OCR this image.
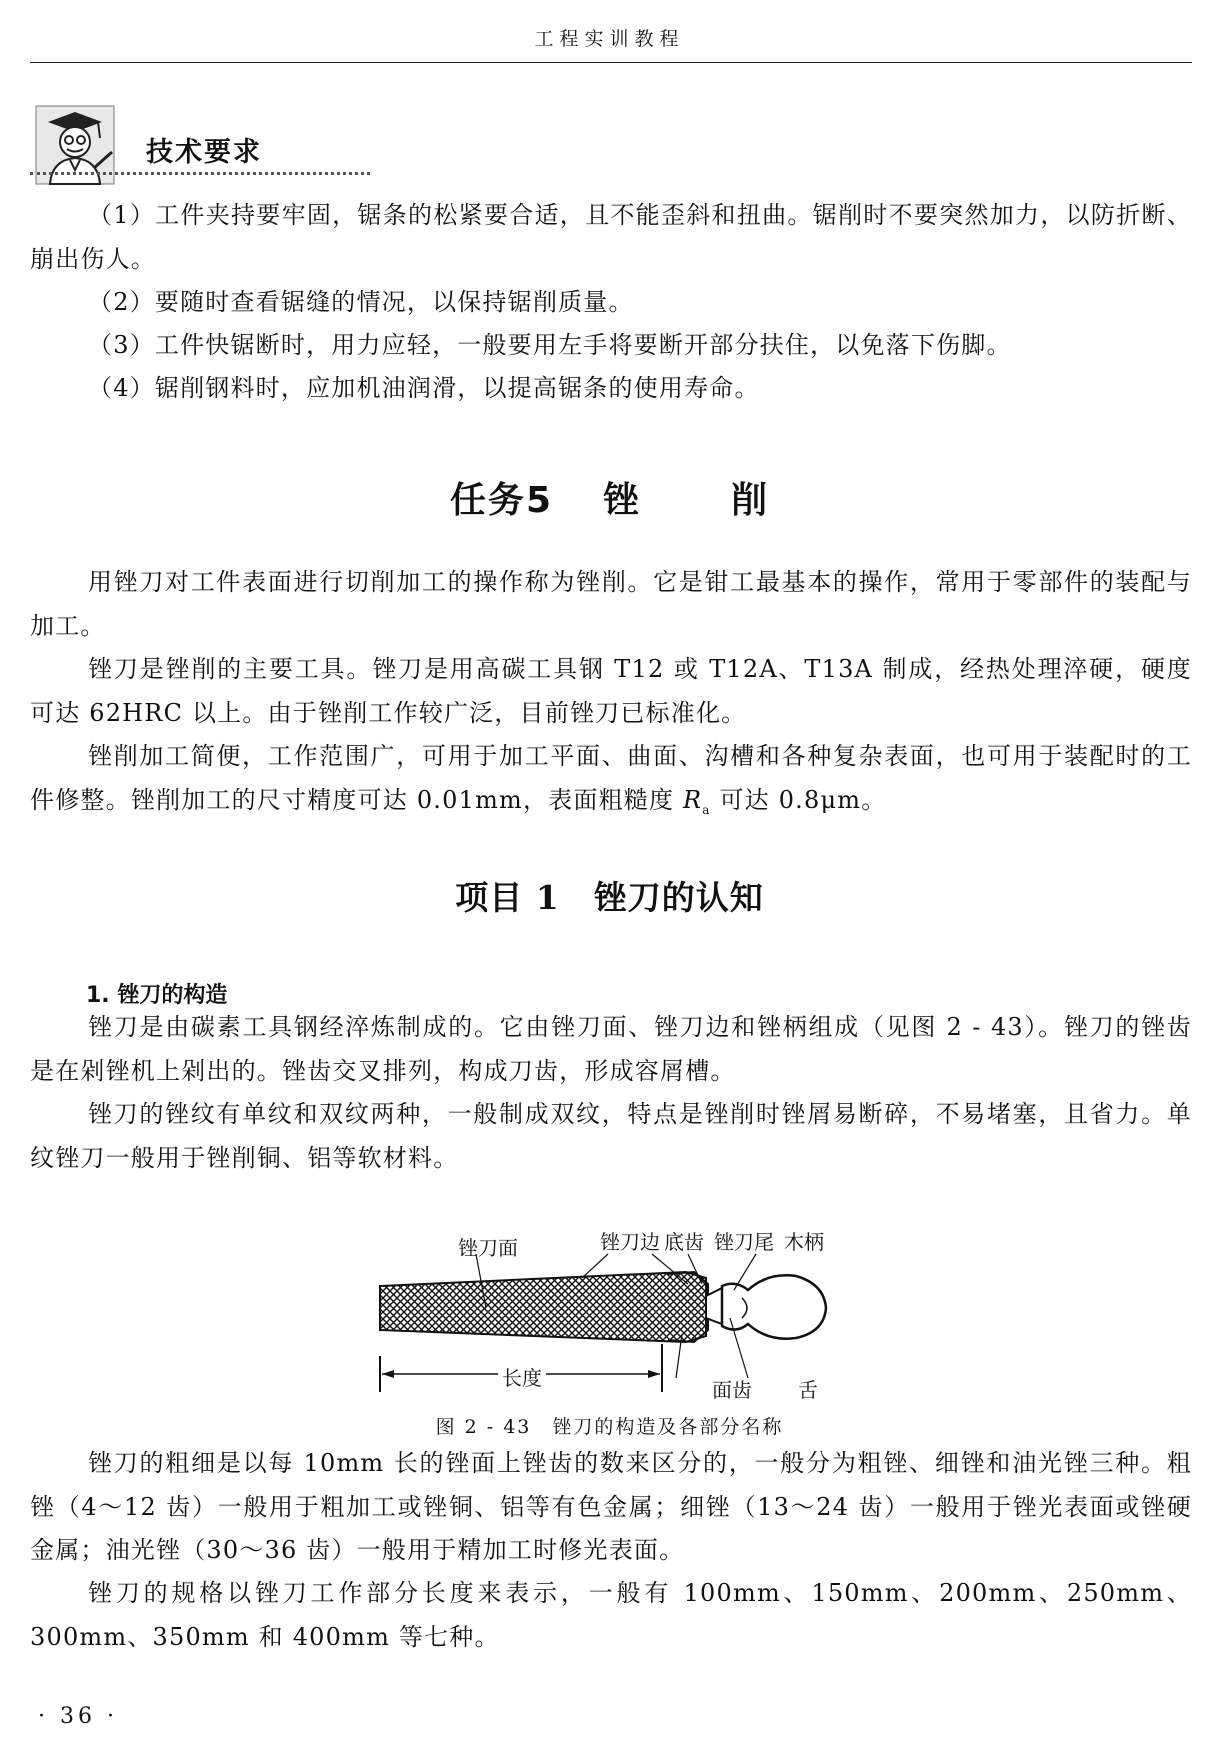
工程实训教程
技术要求

（1）工件夹持要牢固，锯条的松紧要合适，且不能歪斜和扭曲。锯削时不要突然加力，以防折断、崩出伤人。

（2）要随时查看锯缝的情况，以保持锯削质量。

（3）工件快锯断时，用力应轻，一般要用左手将要断开部分扶住，以免落下伤脚。

（4）锯削钢料时，应加机油润滑，以提高锯条的使用寿命。

任务5 锉	削

用锉刀对工件表面进行切削加工的操作称为锉削。它是钳工最基本的操作，常用于零部件的装配与加工。

锉刀是锉削的主要工具。锉刀是用高碳工具钢 T12 或 T12A、T13A 制成，经热处理淬硬，硬度可达 62HRC 以上。由于锉削工作较广泛，目前锉刀已标准化。

锉削加工简便，工作范围广，可用于加工平面、曲面、沟槽和各种复杂表面，也可用于装配时的工件修整。锉削加工的尺寸精度可达 0.01mm，表面粗糙度 $R_a$ 可达 0.8μm。

项目 1 锉刀的认知
1. 锉刀的构造

锉刀是由碳素工具钢经淬炼制成的。它由锉刀面、锉刀边和锉柄组成（见图 2 - 43）。锉刀的锉齿是在剁锉机上剁出的。锉齿交叉排列，构成刀齿，形成容屑槽。

锉刀的锉纹有单纹和双纹两种，一般制成双纹，特点是锉削时锉屑易断碎，不易堵塞，且省力。单纹锉刀一般用于锉削铜、铝等软材料。

锉刀面	锉刀边 底齿 锉刀尾 木柄
长度	面齿 舌
图 2 - 43　锉刀的构造及各部分名称

锉刀的粗细是以每 10mm 长的锉面上锉齿的数来区分的，一般分为粗锉、细锉和油光锉三种。粗锉（4～12 齿）一般用于粗加工或锉铜、铝等有色金属；细锉（13～24 齿）一般用于锉光表面或锉硬金属；油光锉（30～36 齿）一般用于精加工时修光表面。

锉刀的规格以锉刀工作部分长度来表示，一般有 100mm、150mm、200mm、250mm、300mm、350mm 和 400mm 等七种。

· 36 ·
